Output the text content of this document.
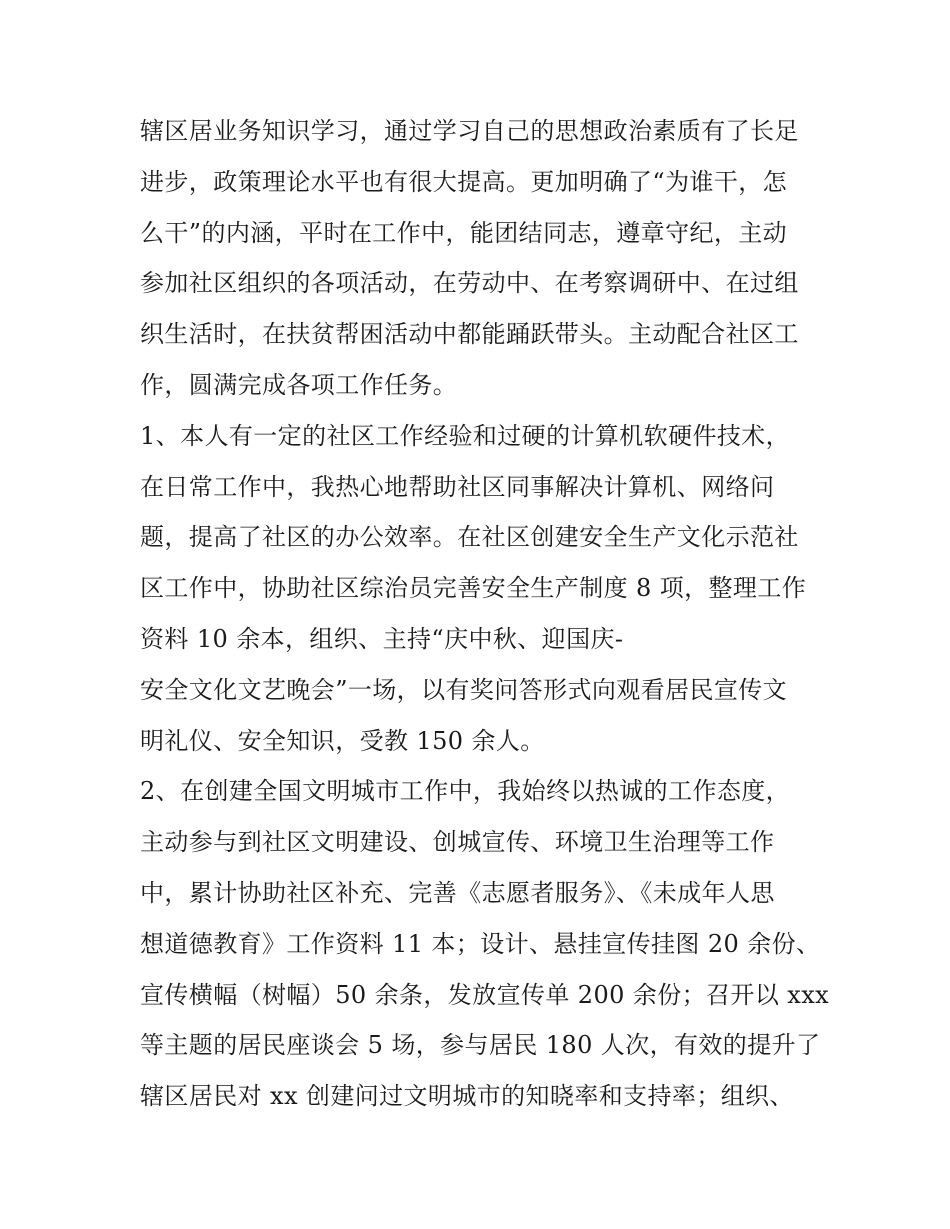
辖区居业务知识学习，通过学习自己的思想政治素质有了长足
进步，政策理论水平也有很大提高。更加明确了“为谁干，怎
么干”的内涵，平时在工作中，能团结同志，遵章守纪，主动
参加社区组织的各项活动，在劳动中、在考察调研中、在过组
织生活时，在扶贫帮困活动中都能踊跃带头。主动配合社区工
作，圆满完成各项工作任务。
1、本人有一定的社区工作经验和过硬的计算机软硬件技术，
在日常工作中，我热心地帮助社区同事解决计算机、网络问
题，提高了社区的办公效率。在社区创建安全生产文化示范社
区工作中，协助社区综治员完善安全生产制度 8 项，整理工作
资料 10 余本，组织、主持“庆中秋、迎国庆-
安全文化文艺晚会”一场，以有奖问答形式向观看居民宣传文
明礼仪、安全知识，受教 150 余人。
2、在创建全国文明城市工作中，我始终以热诚的工作态度，
主动参与到社区文明建设、创城宣传、环境卫生治理等工作
中，累计协助社区补充、完善《志愿者服务》、《未成年人思
想道德教育》工作资料 11 本；设计、悬挂宣传挂图 20 余份、
宣传横幅（树幅）50 余条，发放宣传单 200 余份；召开以 xxx
等主题的居民座谈会 5 场，参与居民 180 人次，有效的提升了
辖区居民对 xx 创建问过文明城市的知晓率和支持率；组织、
